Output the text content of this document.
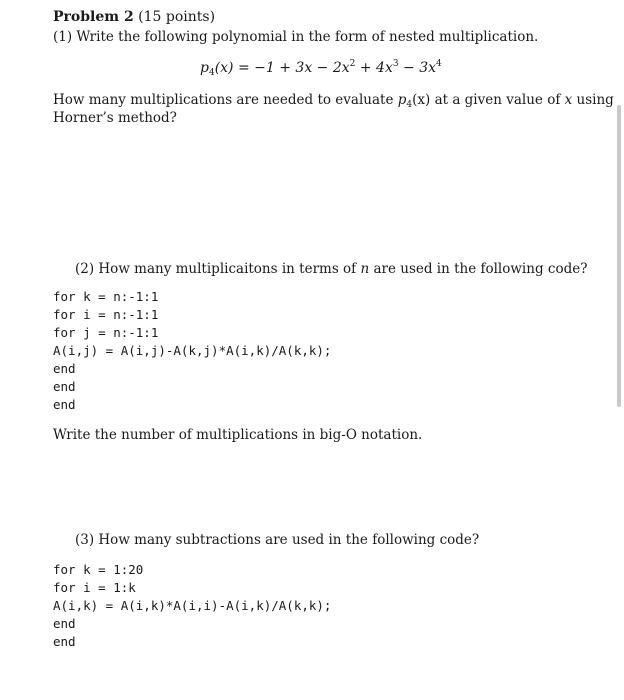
Problem 2 (15 points)
(1) Write the following polynomial in the form of nested multiplication.
$p_4(x) = -1 + 3x - 2x^2 + 4x^3 - 3x^4$
How many multiplications are needed to evaluate $p_4(x)$ at a given value of x using
Horner’s method?
(2) How many multiplicaitons in terms of n are used in the following code?
for k = n:-1:1
for i = n:-1:1
for j = n:-1:1
A(i,j) = A(i,j)-A(k,j)*A(i,k)/A(k,k);
end
end
end
Write the number of multiplications in big-O notation.
(3) How many subtractions are used in the following code?
for k = 1:20
for i = 1:k
A(i,k) = A(i,k)*A(i,i)-A(i,k)/A(k,k);
end
end
